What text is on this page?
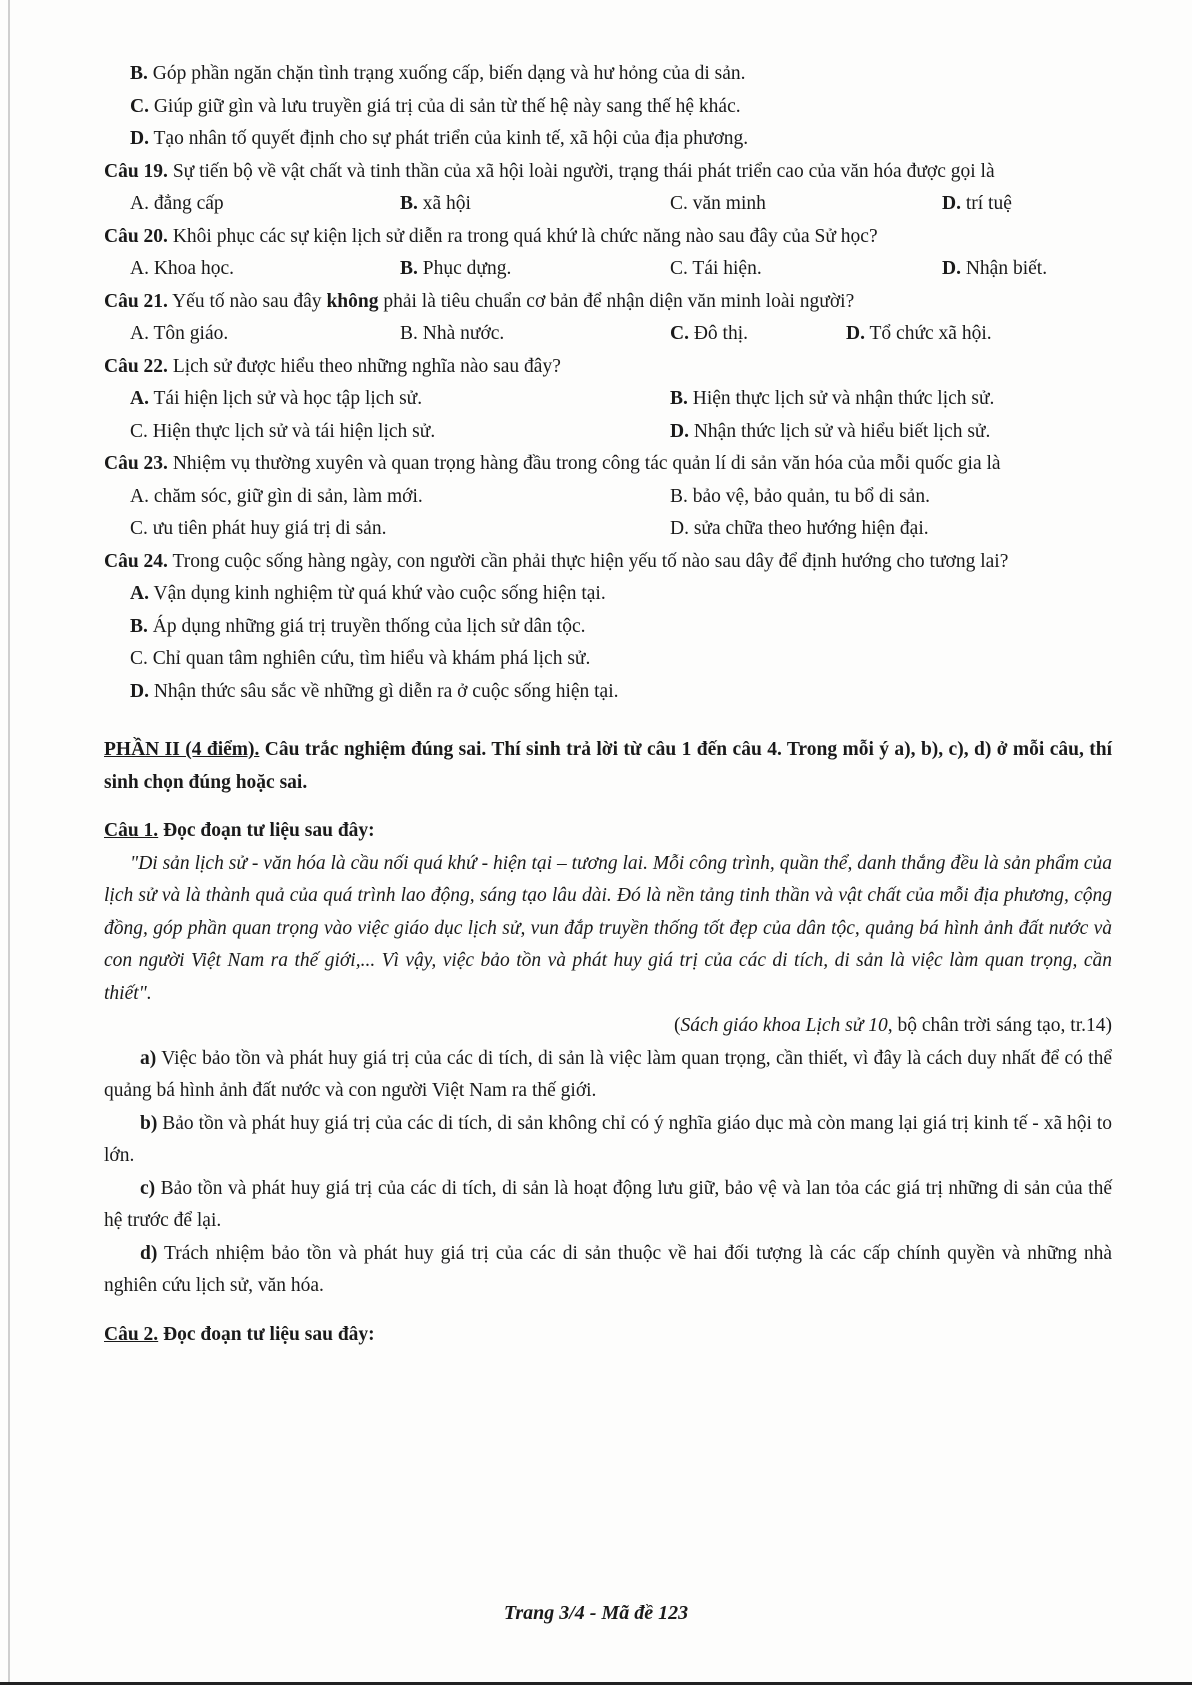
B. Góp phần ngăn chặn tình trạng xuống cấp, biến dạng và hư hỏng của di sản.
C. Giúp giữ gìn và lưu truyền giá trị của di sản từ thế hệ này sang thế hệ khác.
D. Tạo nhân tố quyết định cho sự phát triển của kinh tế, xã hội của địa phương.
Câu 19. Sự tiến bộ về vật chất và tinh thần của xã hội loài người, trạng thái phát triển cao của văn hóa được gọi là
A. đẳng cấp	B. xã hội	C. văn minh	D. trí tuệ
Câu 20. Khôi phục các sự kiện lịch sử diễn ra trong quá khứ là chức năng nào sau đây của Sử học?
A. Khoa học.	B. Phục dựng.	C. Tái hiện.	D. Nhận biết.
Câu 21. Yếu tố nào sau đây không phải là tiêu chuẩn cơ bản để nhận diện văn minh loài người?
A. Tôn giáo.	B. Nhà nước.	C. Đô thị.	D. Tổ chức xã hội.
Câu 22. Lịch sử được hiểu theo những nghĩa nào sau đây?
A. Tái hiện lịch sử và học tập lịch sử.	B. Hiện thực lịch sử và nhận thức lịch sử.
C. Hiện thực lịch sử và tái hiện lịch sử.	D. Nhận thức lịch sử và hiểu biết lịch sử.
Câu 23. Nhiệm vụ thường xuyên và quan trọng hàng đầu trong công tác quản lí di sản văn hóa của mỗi quốc gia là
A. chăm sóc, giữ gìn di sản, làm mới.	B. bảo vệ, bảo quản, tu bổ di sản.
C. ưu tiên phát huy giá trị di sản.	D. sửa chữa theo hướng hiện đại.
Câu 24. Trong cuộc sống hàng ngày, con người cần phải thực hiện yếu tố nào sau dây để định hướng cho tương lai?
A. Vận dụng kinh nghiệm từ quá khứ vào cuộc sống hiện tại.
B. Áp dụng những giá trị truyền thống của lịch sử dân tộc.
C. Chỉ quan tâm nghiên cứu, tìm hiểu và khám phá lịch sử.
D. Nhận thức sâu sắc về những gì diễn ra ở cuộc sống hiện tại.
PHẦN II (4 điểm). Câu trắc nghiệm đúng sai. Thí sinh trả lời từ câu 1 đến câu 4. Trong mỗi ý a), b), c), d) ở mỗi câu, thí sinh chọn đúng hoặc sai.
Câu 1. Đọc đoạn tư liệu sau đây:
"Di sản lịch sử - văn hóa là cầu nối quá khứ - hiện tại – tương lai. Mỗi công trình, quần thể, danh thắng đều là sản phẩm của lịch sử và là thành quả của quá trình lao động, sáng tạo lâu dài. Đó là nền tảng tinh thần và vật chất của mỗi địa phương, cộng đồng, góp phần quan trọng vào việc giáo dục lịch sử, vun đắp truyền thống tốt đẹp của dân tộc, quảng bá hình ảnh đất nước và con người Việt Nam ra thế giới,... Vì vậy, việc bảo tồn và phát huy giá trị của các di tích, di sản là việc làm quan trọng, cần thiết".
(Sách giáo khoa Lịch sử 10, bộ chân trời sáng tạo, tr.14)
a) Việc bảo tồn và phát huy giá trị của các di tích, di sản là việc làm quan trọng, cần thiết, vì đây là cách duy nhất để có thể quảng bá hình ảnh đất nước và con người Việt Nam ra thế giới.
b) Bảo tồn và phát huy giá trị của các di tích, di sản không chỉ có ý nghĩa giáo dục mà còn mang lại giá trị kinh tế - xã hội to lớn.
c) Bảo tồn và phát huy giá trị của các di tích, di sản là hoạt động lưu giữ, bảo vệ và lan tỏa các giá trị những di sản của thế hệ trước để lại.
d) Trách nhiệm bảo tồn và phát huy giá trị của các di sản thuộc về hai đối tượng là các cấp chính quyền và những nhà nghiên cứu lịch sử, văn hóa.
Câu 2. Đọc đoạn tư liệu sau đây:
Trang 3/4 - Mã đề 123
